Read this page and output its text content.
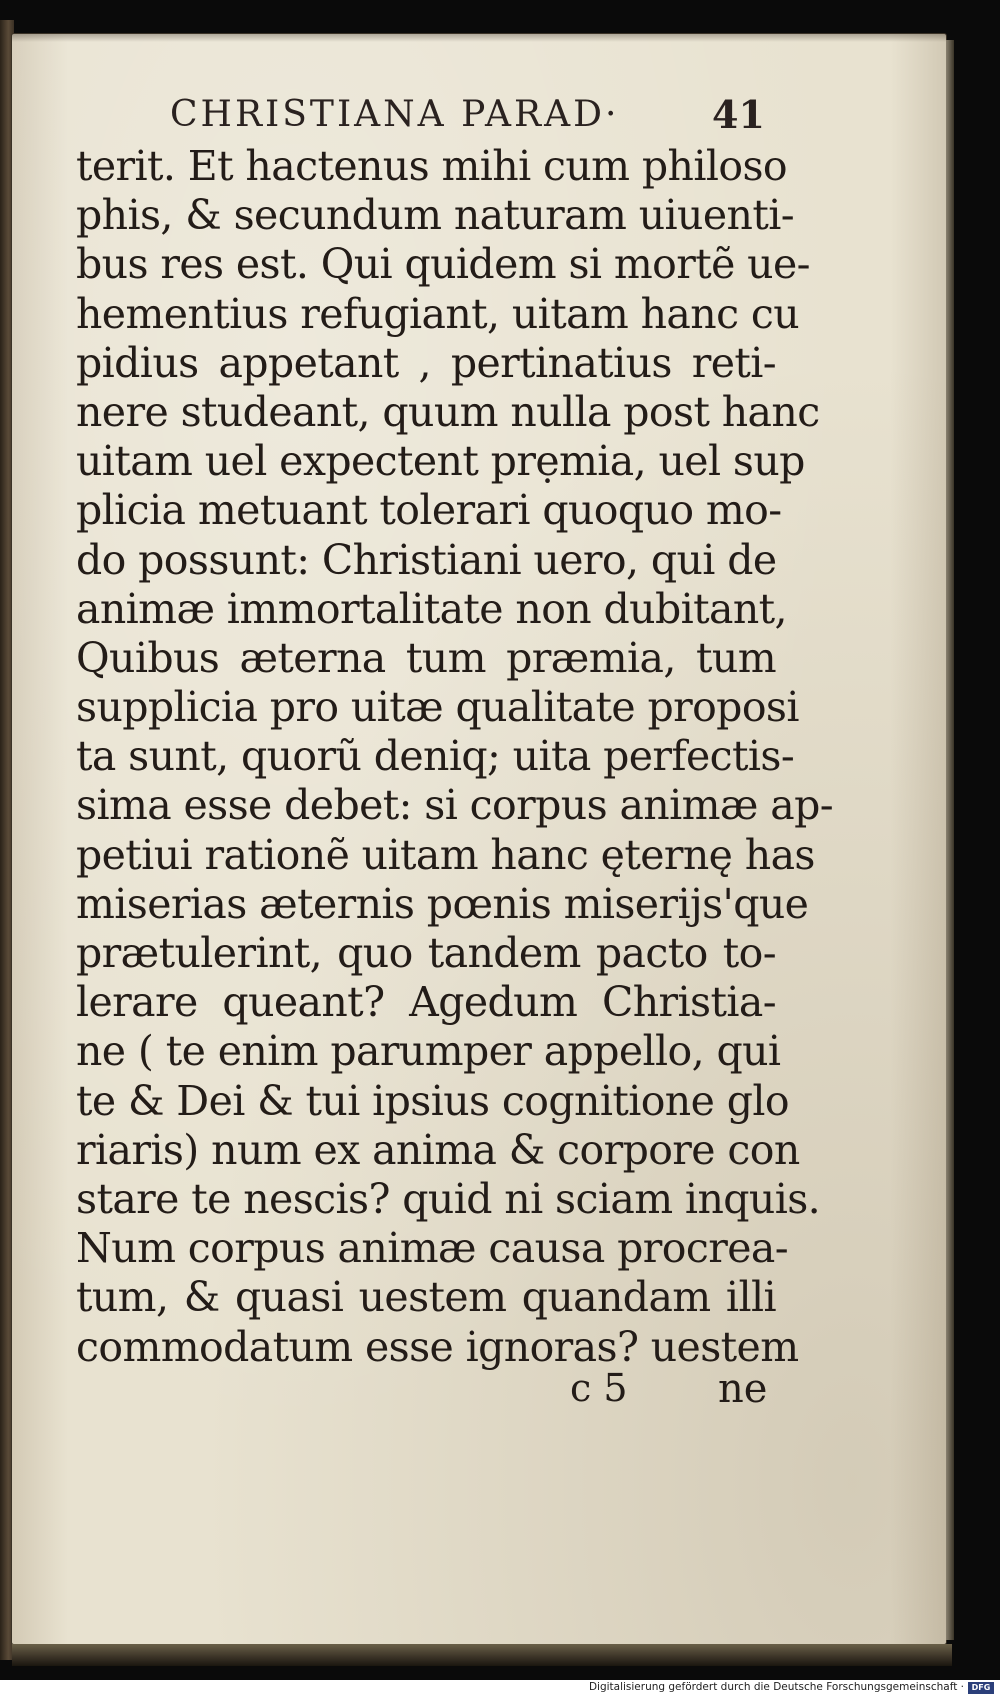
CHRISTIANA PARAD· 41
terit. Et hactenus mihi cum philoso
phis, & secundum naturam uiuenti-
bus res est. Qui quidem si mortẽ ue-
hementius refugiant, uitam hanc cu
pidius appetant , pertinatius reti-
nere studeant, quum nulla post hanc
uitam uel expectent prẹmia, uel sup
plicia metuant tolerari quoquo mo-
do possunt: Christiani uero, qui de
animæ immortalitate non dubitant,
Quibus æterna tum præmia, tum
supplicia pro uitæ qualitate proposi
ta sunt, quorũ deniq; uita perfectis-
sima esse debet: si corpus animæ ap-
petiui rationẽ uitam hanc ęternę has
miserias æternis pœnis miserijs'que
prætulerint, quo tandem pacto to-
lerare queant? Agedum Christia-
ne ( te enim parumper appello, qui
te & Dei & tui ipsius cognitione glo
riaris) num ex anima & corpore con
stare te nescis? quid ni sciam inquis.
Num corpus animæ causa procrea-
tum, & quasi uestem quandam illi
commodatum esse ignoras? uestem
c 5 ne
Digitalisierung gefördert durch die Deutsche Forschungsgemeinschaft · DFG
